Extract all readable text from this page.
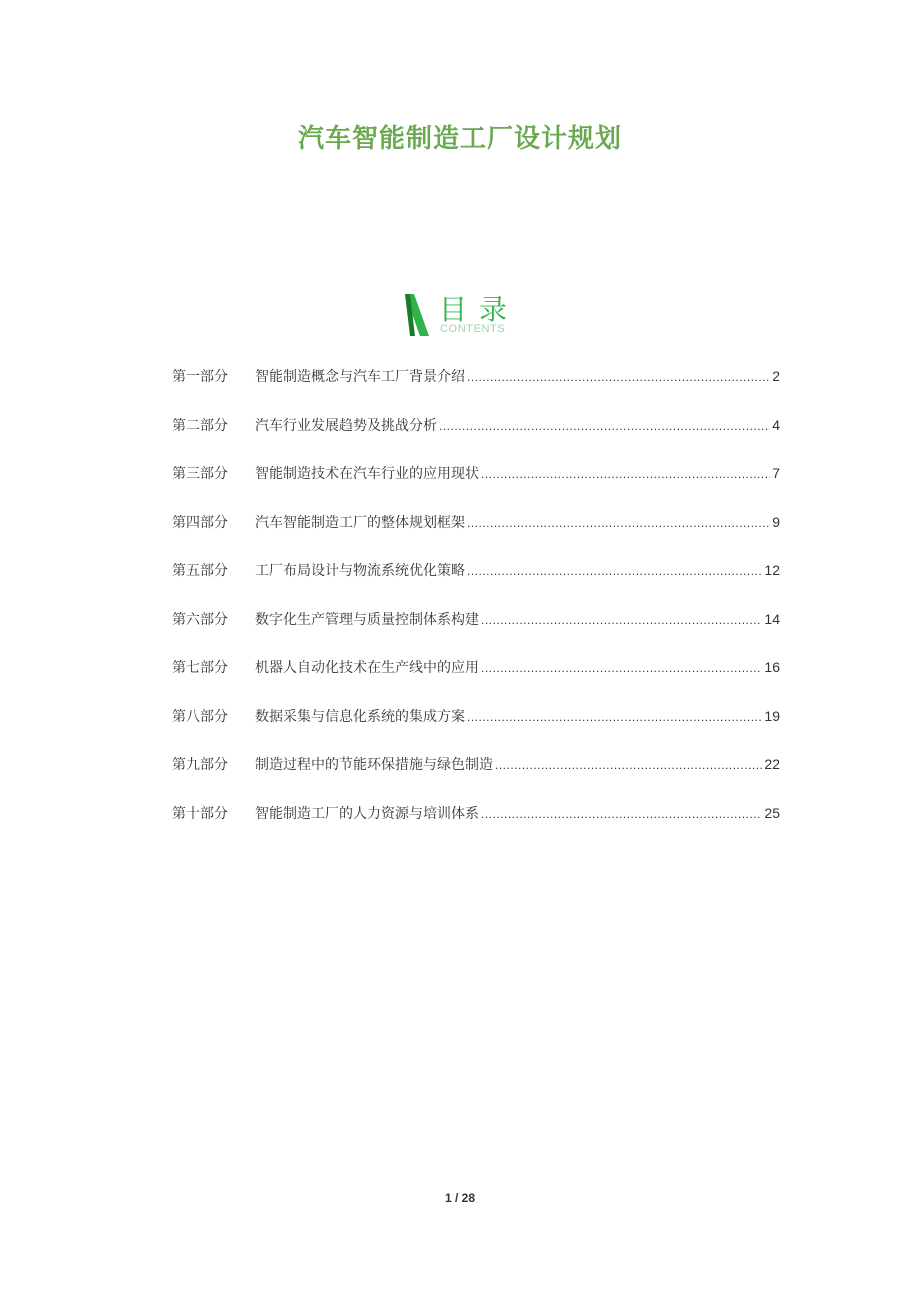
汽车智能制造工厂设计规划
目录
CONTENTS
第一部分	智能制造概念与汽车工厂背景介绍 .....	2
第二部分	汽车行业发展趋势及挑战分析 .....	4
第三部分	智能制造技术在汽车行业的应用现状 .....	7
第四部分	汽车智能制造工厂的整体规划框架 .....	9
第五部分	工厂布局设计与物流系统优化策略 .....	12
第六部分	数字化生产管理与质量控制体系构建 .....	14
第七部分	机器人自动化技术在生产线中的应用 .....	16
第八部分	数据采集与信息化系统的集成方案 .....	19
第九部分	制造过程中的节能环保措施与绿色制造 .....	22
第十部分	智能制造工厂的人力资源与培训体系 .....	25
1 / 28
